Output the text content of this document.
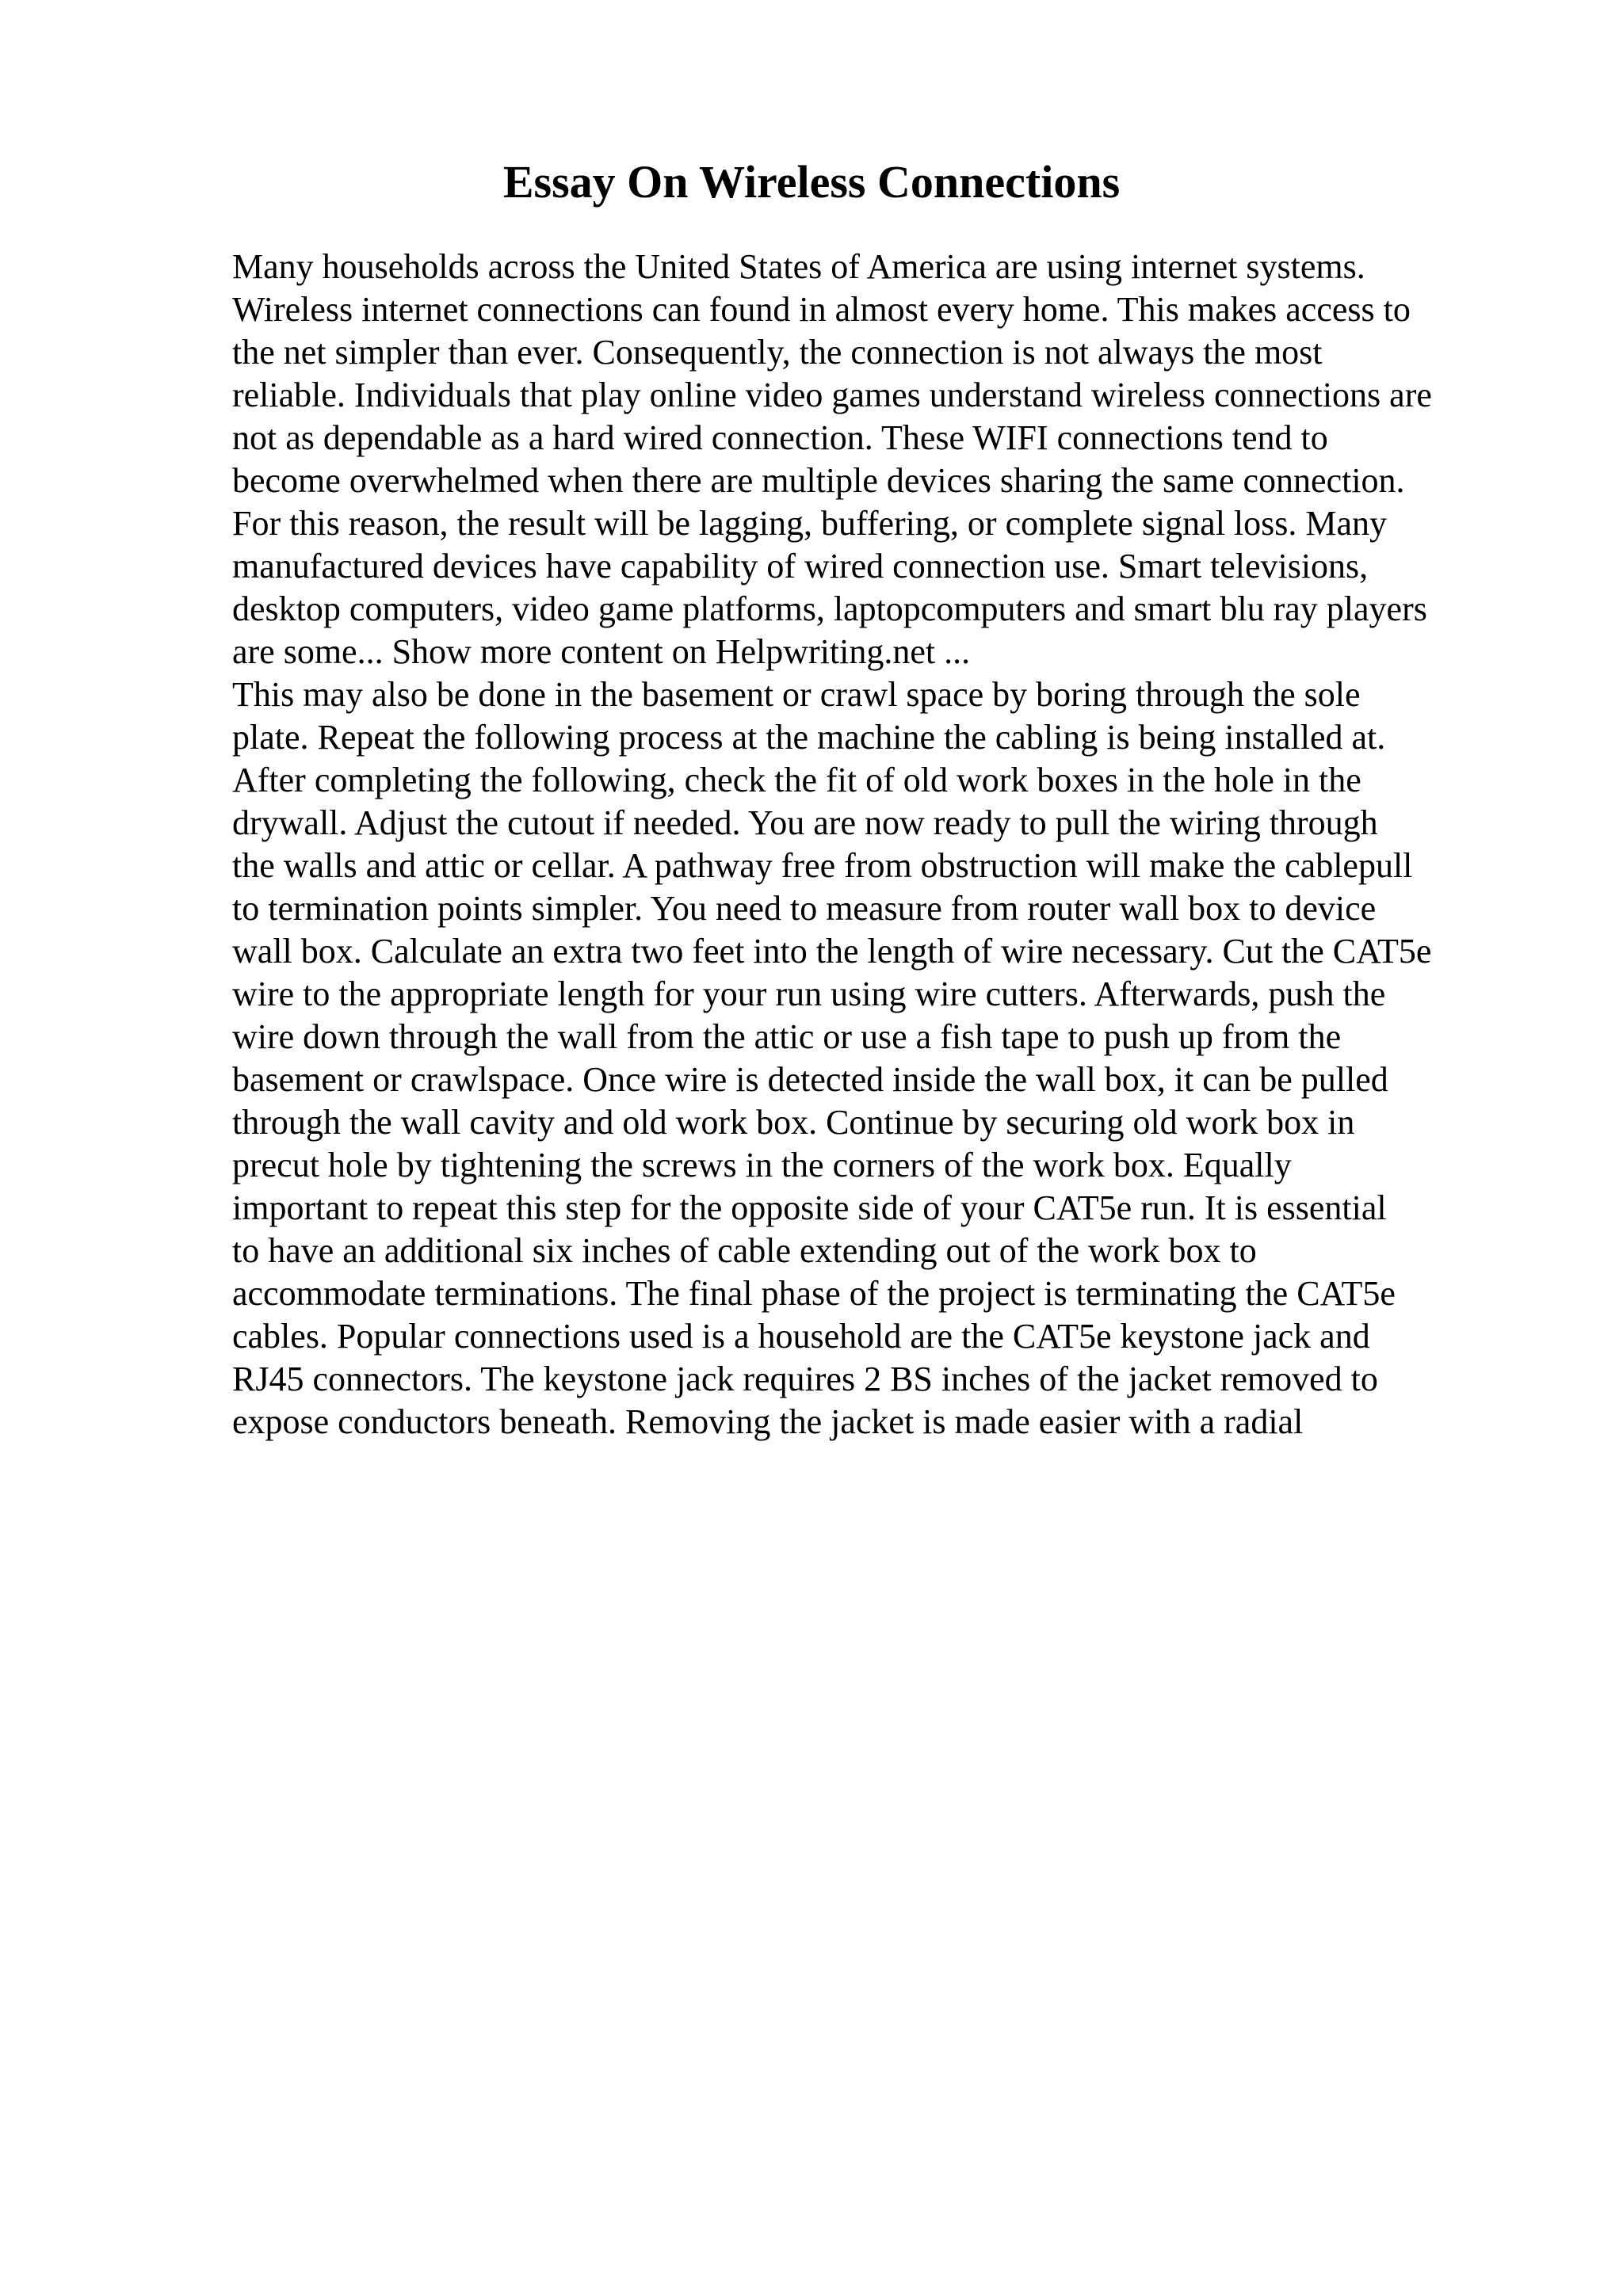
Essay On Wireless Connections
Many households across the United States of America are using internet systems.
Wireless internet connections can found in almost every home. This makes access to
the net simpler than ever. Consequently, the connection is not always the most
reliable. Individuals that play online video games understand wireless connections are
not as dependable as a hard wired connection. These WIFI connections tend to
become overwhelmed when there are multiple devices sharing the same connection.
For this reason, the result will be lagging, buffering, or complete signal loss. Many
manufactured devices have capability of wired connection use. Smart televisions,
desktop computers, video game platforms, laptopcomputers and smart blu ray players
are some... Show more content on Helpwriting.net ...
This may also be done in the basement or crawl space by boring through the sole
plate. Repeat the following process at the machine the cabling is being installed at.
After completing the following, check the fit of old work boxes in the hole in the
drywall. Adjust the cutout if needed. You are now ready to pull the wiring through
the walls and attic or cellar. A pathway free from obstruction will make the cablepull
to termination points simpler. You need to measure from router wall box to device
wall box. Calculate an extra two feet into the length of wire necessary. Cut the CAT5e
wire to the appropriate length for your run using wire cutters. Afterwards, push the
wire down through the wall from the attic or use a fish tape to push up from the
basement or crawlspace. Once wire is detected inside the wall box, it can be pulled
through the wall cavity and old work box. Continue by securing old work box in
precut hole by tightening the screws in the corners of the work box. Equally
important to repeat this step for the opposite side of your CAT5e run. It is essential
to have an additional six inches of cable extending out of the work box to
accommodate terminations. The final phase of the project is terminating the CAT5e
cables. Popular connections used is a household are the CAT5e keystone jack and
RJ45 connectors. The keystone jack requires 2 BS inches of the jacket removed to
expose conductors beneath. Removing the jacket is made easier with a radial
